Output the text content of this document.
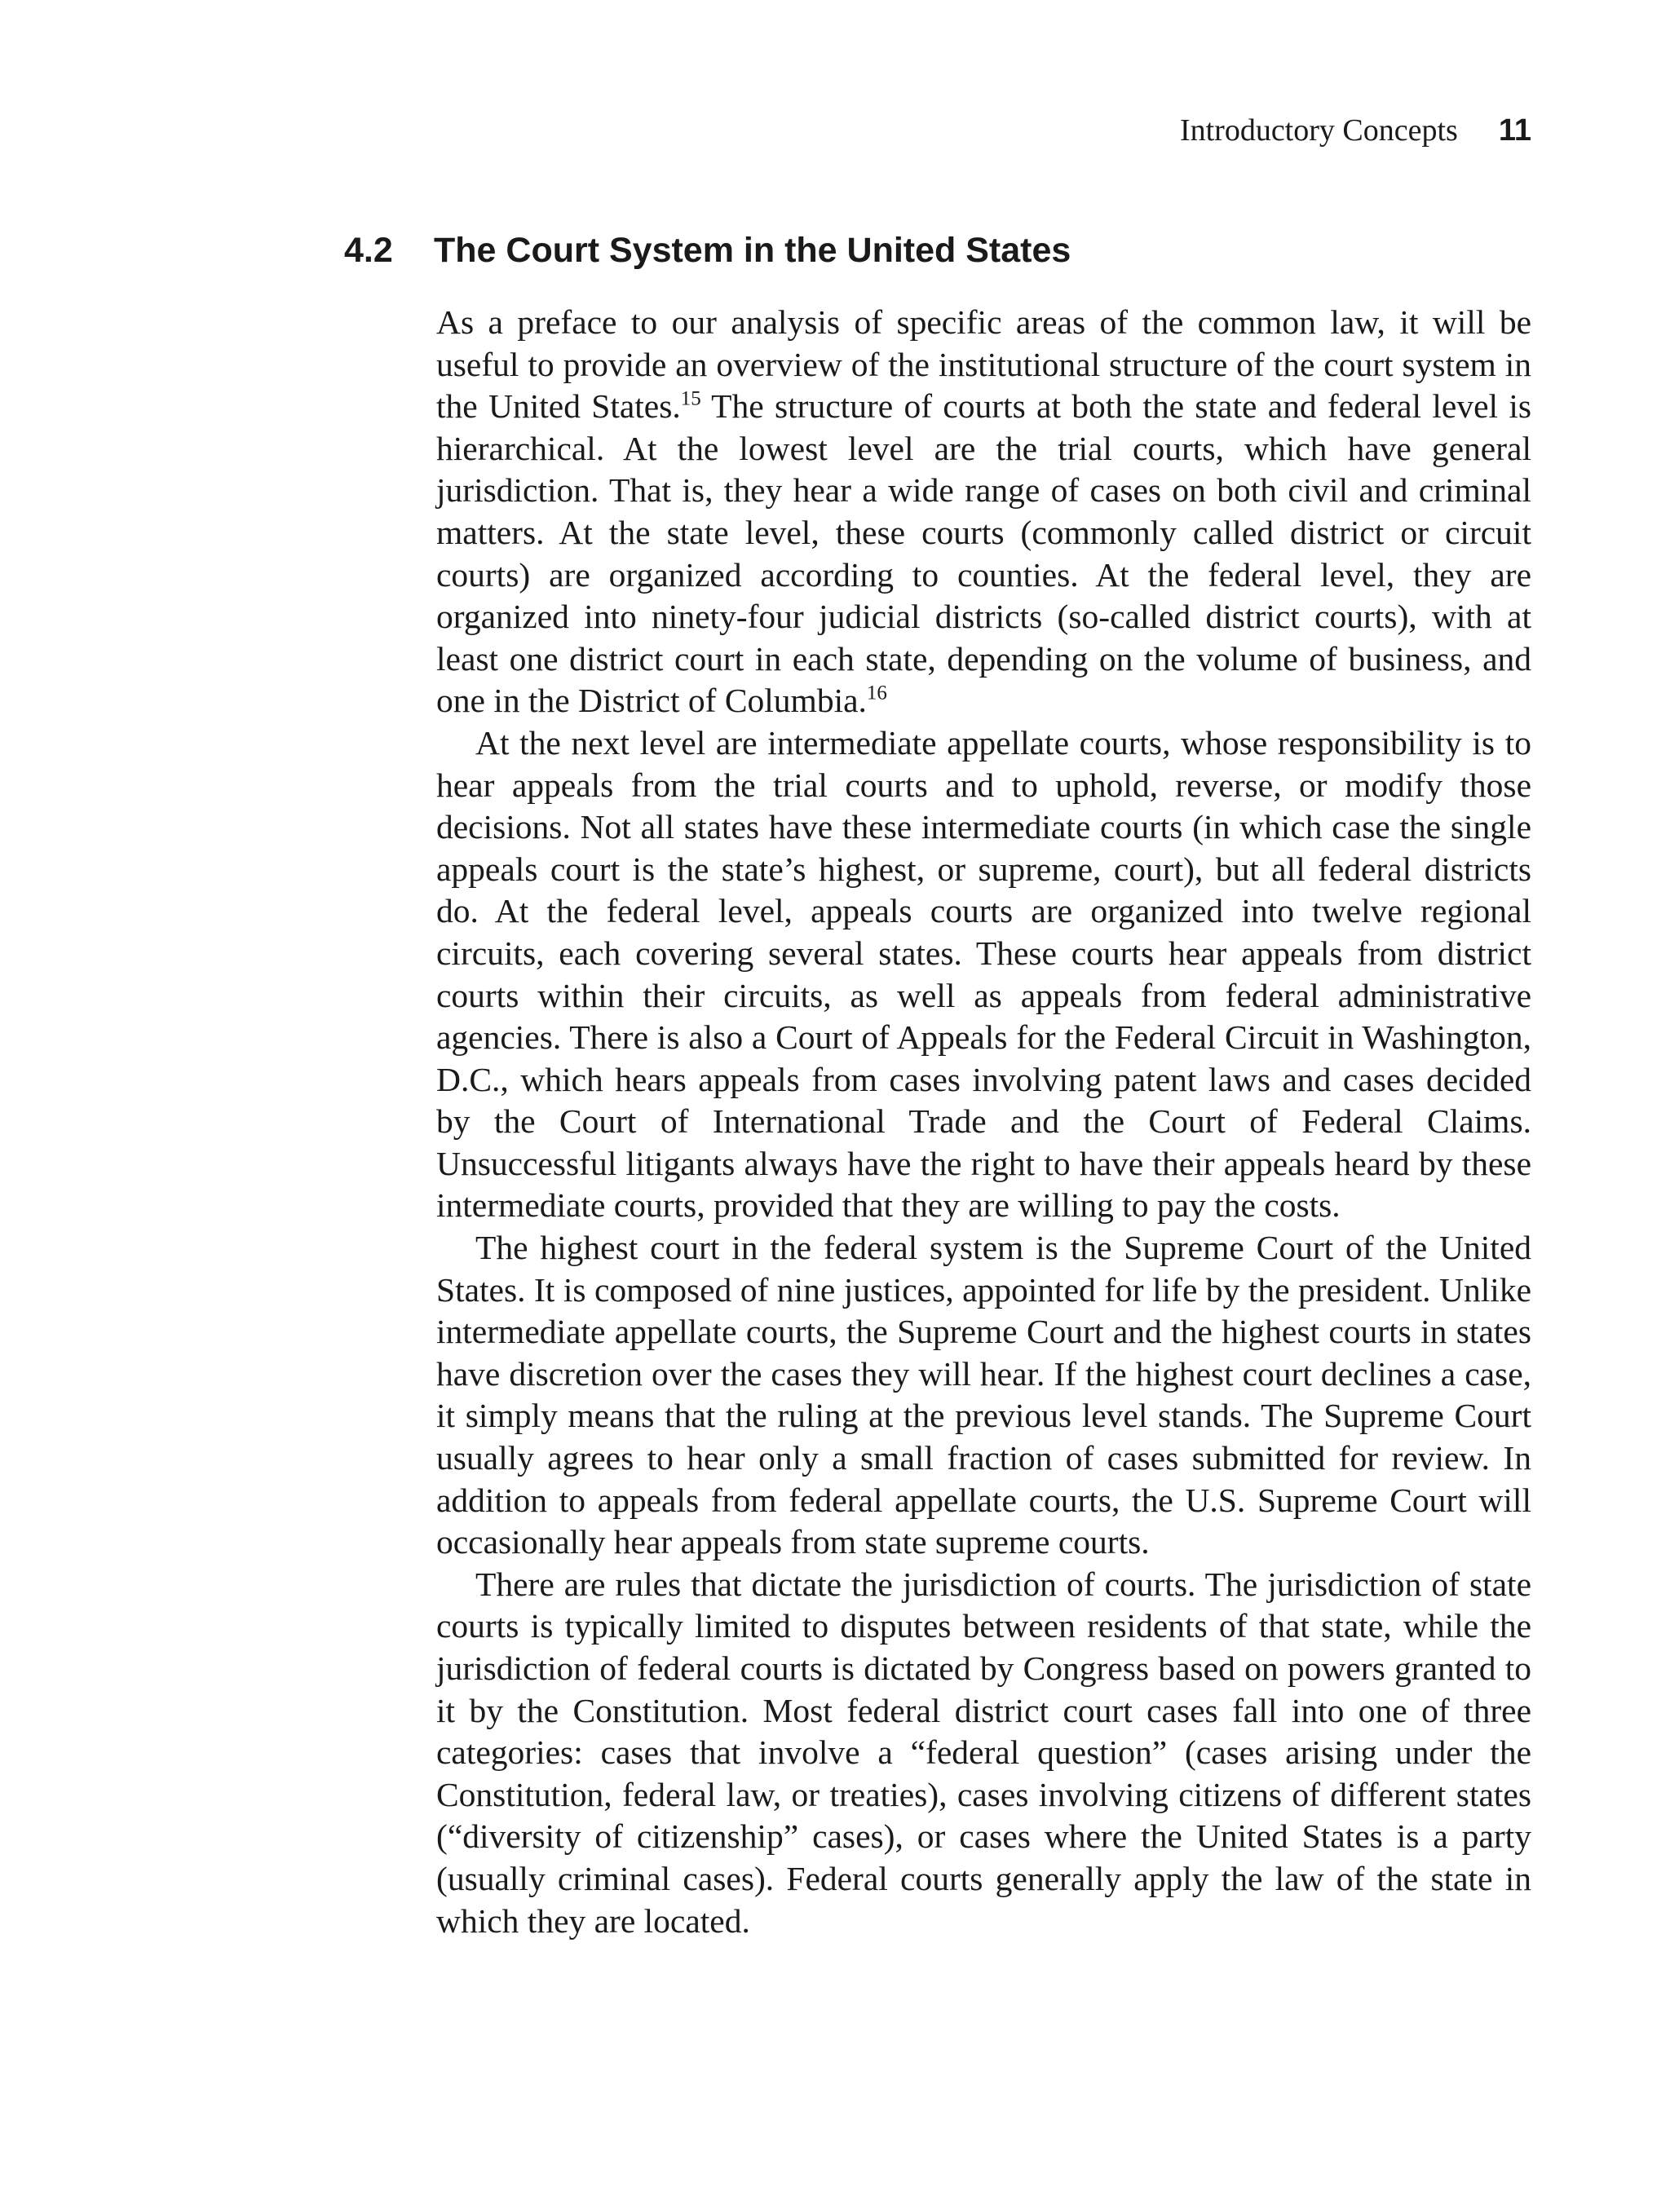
Introductory Concepts 11
4.2	The Court System in the United States

As a preface to our analysis of specific areas of the common law, it will be useful to provide an overview of the institutional structure of the court system in the United States.$^{15}$ The structure of courts at both the state and federal level is hierarchical. At the lowest level are the trial courts, which have general jurisdiction. That is, they hear a wide range of cases on both civil and criminal matters. At the state level, these courts (commonly called district or circuit courts) are organized according to counties. At the federal level, they are organized into ninety-four judicial districts (so-called district courts), with at least one district court in each state, depending on the volume of business, and one in the District of Columbia.$^{16}$

At the next level are intermediate appellate courts, whose responsibility is to hear appeals from the trial courts and to uphold, reverse, or modify those decisions. Not all states have these intermediate courts (in which case the single appeals court is the state’s highest, or supreme, court), but all federal districts do. At the federal level, appeals courts are organized into twelve regional circuits, each covering several states. These courts hear appeals from district courts within their circuits, as well as appeals from federal administrative agencies. There is also a Court of Appeals for the Federal Circuit in Washington, D.C., which hears appeals from cases involving patent laws and cases decided by the Court of International Trade and the Court of Federal Claims. Unsuccessful litigants always have the right to have their appeals heard by these intermediate courts, provided that they are willing to pay the costs.

The highest court in the federal system is the Supreme Court of the United States. It is composed of nine justices, appointed for life by the president. Unlike intermediate appellate courts, the Supreme Court and the highest courts in states have discretion over the cases they will hear. If the highest court declines a case, it simply means that the ruling at the previous level stands. The Supreme Court usually agrees to hear only a small fraction of cases submitted for review. In addition to appeals from federal appellate courts, the U.S. Supreme Court will occasionally hear appeals from state supreme courts.

There are rules that dictate the jurisdiction of courts. The jurisdiction of state courts is typically limited to disputes between residents of that state, while the jurisdiction of federal courts is dictated by Congress based on powers granted to it by the Constitution. Most federal district court cases fall into one of three categories: cases that involve a “federal question” (cases arising under the Constitution, federal law, or treaties), cases involving citizens of different states (“diversity of citizenship” cases), or cases where the United States is a party (usually criminal cases). Federal courts generally apply the law of the state in which they are located.
